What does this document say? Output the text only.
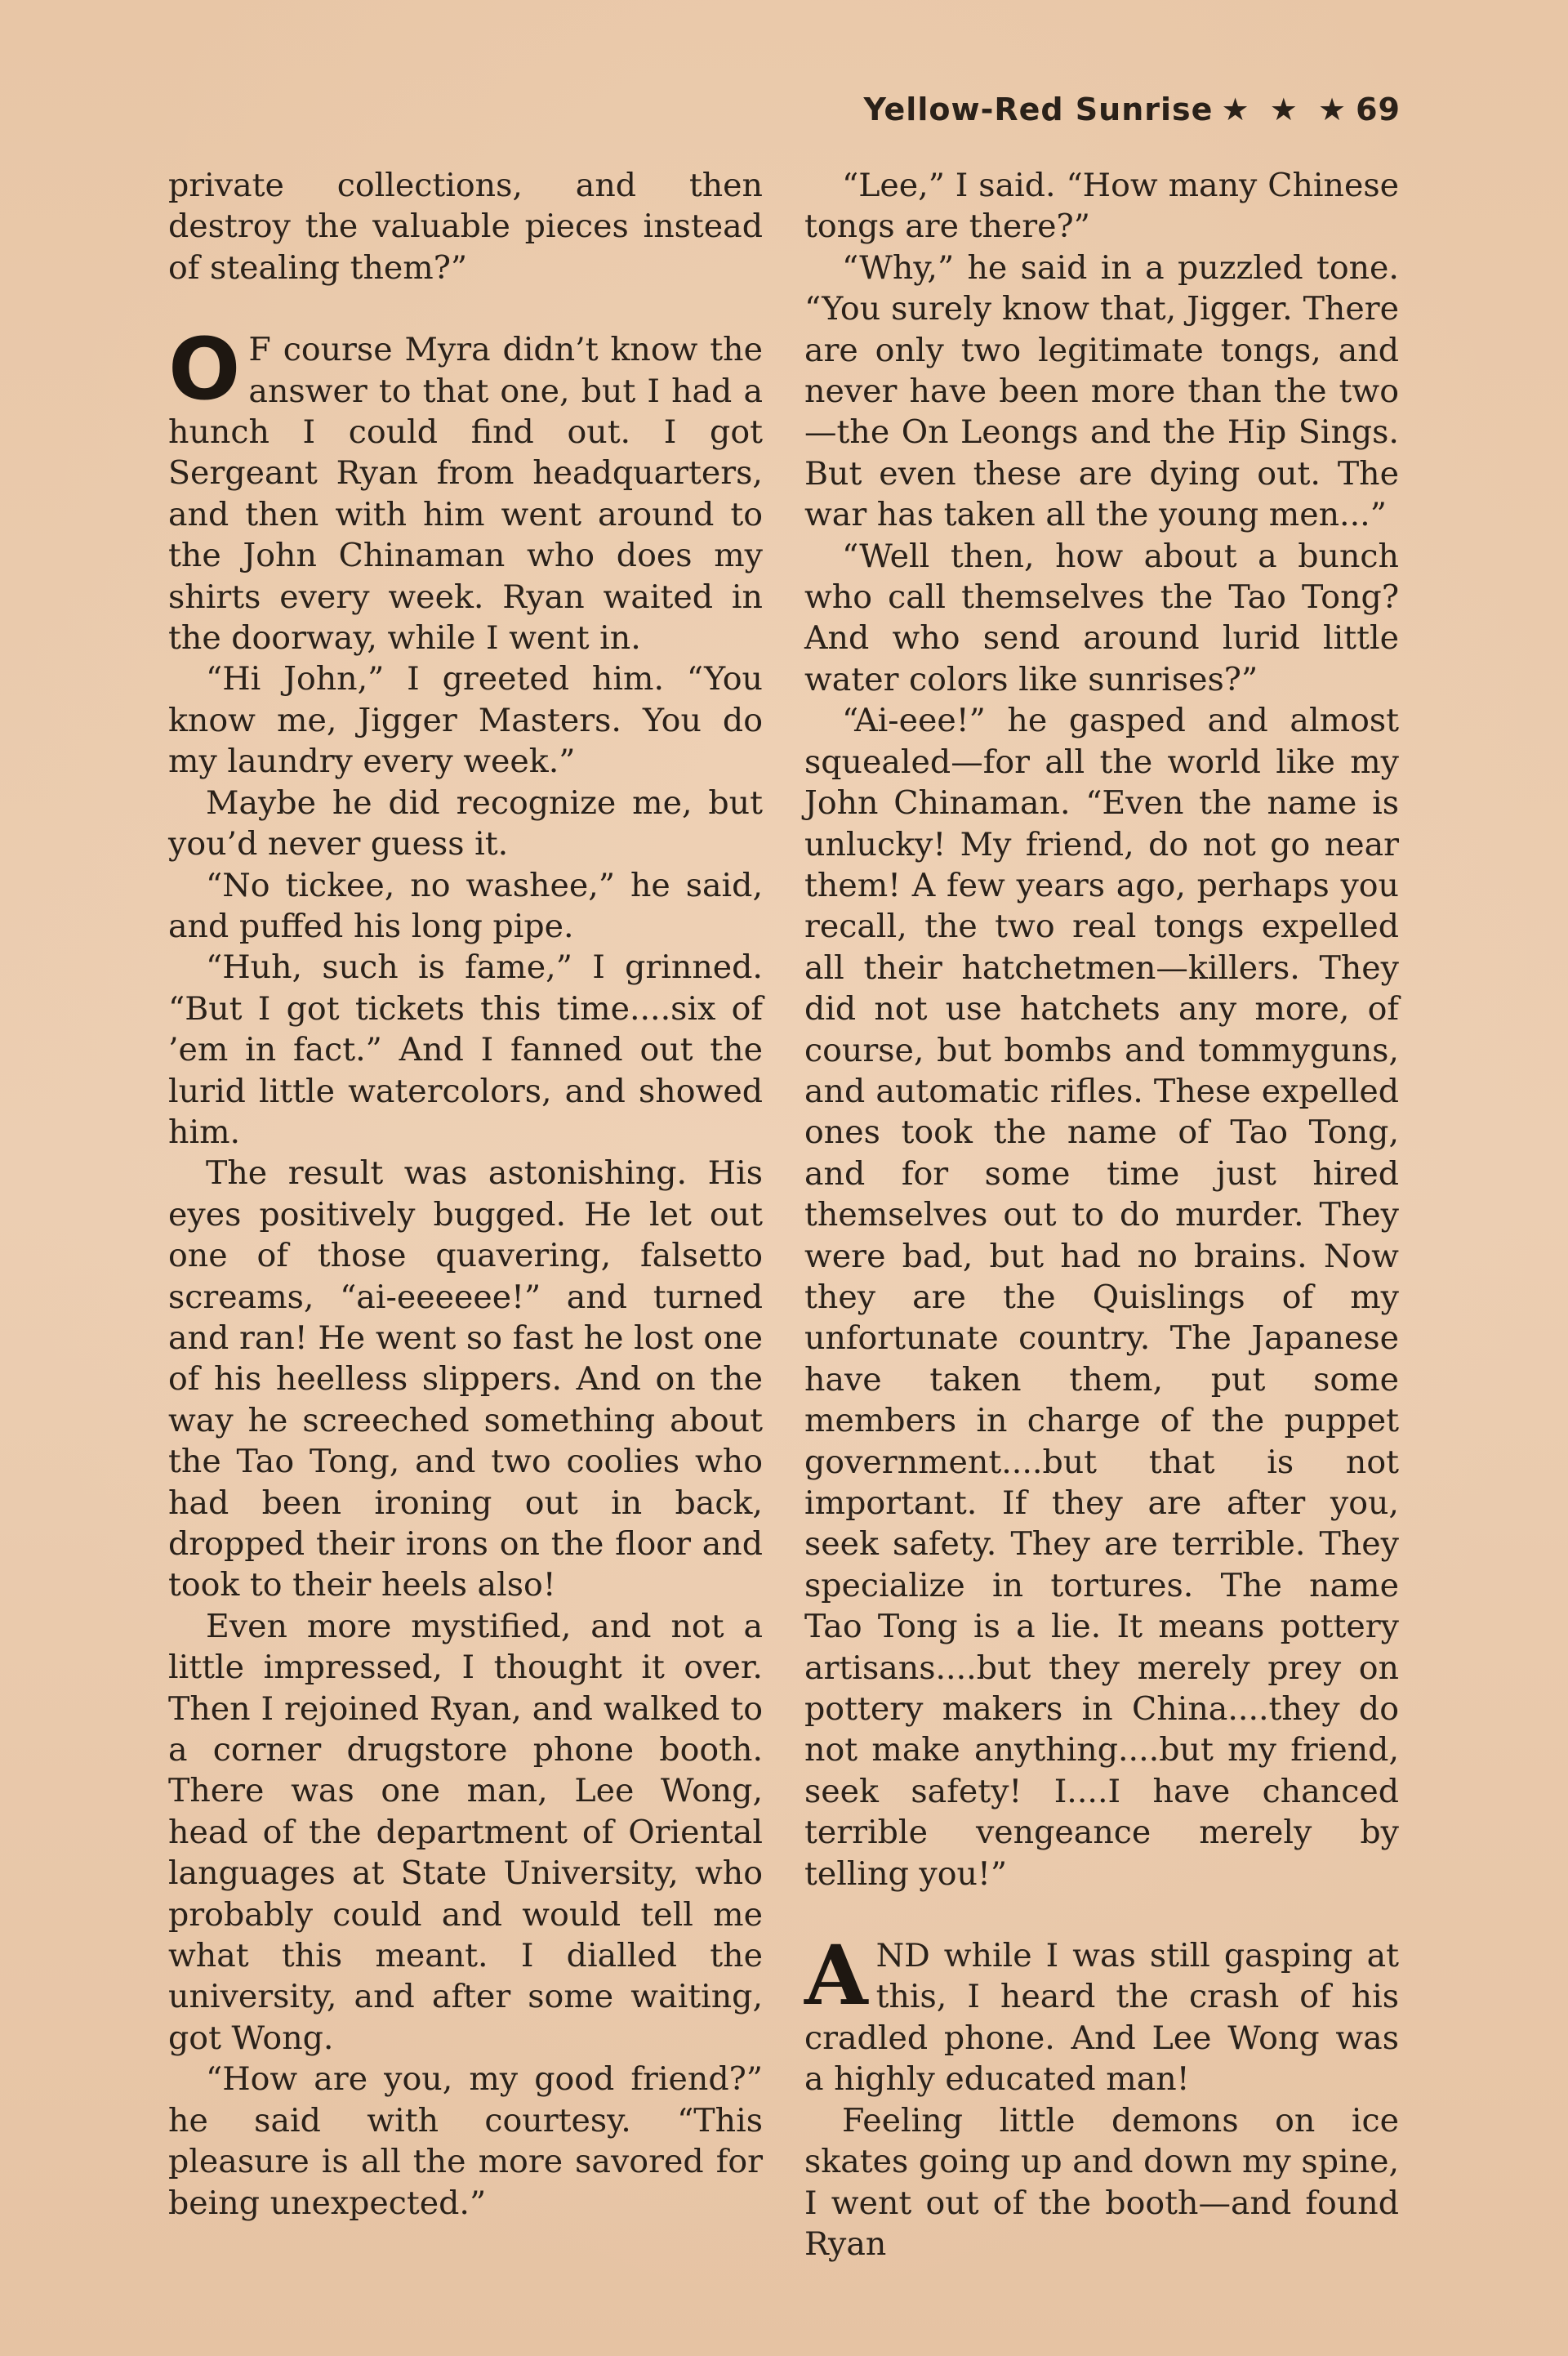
Yellow-Red Sunrise ★ ★ ★ 69

private collections, and then destroy the valuable pieces instead of stealing them?”

O F course Myra didn’t know the answer to that one, but I had a hunch I could find out. I got Sergeant Ryan from headquarters, and then with him went around to the John Chinaman who does my shirts every week. Ryan waited in the doorway, while I went in.

“Hi John,” I greeted him. “You know me, Jigger Masters. You do my laundry every week.”

Maybe he did recognize me, but you’d never guess it.

“No tickee, no washee,” he said, and puffed his long pipe.

“Huh, such is fame,” I grinned. “But I got tickets this time....six of ’em in fact.” And I fanned out the lurid little watercolors, and showed him.

The result was astonishing. His eyes positively bugged. He let out one of those quavering, falsetto screams, “ai-eeeeee!” and turned and ran! He went so fast he lost one of his heelless slippers. And on the way he screeched something about the Tao Tong, and two coolies who had been ironing out in back, dropped their irons on the floor and took to their heels also!

Even more mystified, and not a little impressed, I thought it over. Then I rejoined Ryan, and walked to a corner drugstore phone booth. There was one man, Lee Wong, head of the department of Oriental languages at State University, who probably could and would tell me what this meant. I dialled the university, and after some waiting, got Wong.

“How are you, my good friend?” he said with courtesy. “This pleasure is all the more savored for being unexpected.”

“Lee,” I said. “How many Chinese tongs are there?”

“Why,” he said in a puzzled tone. “You surely know that, Jigger. There are only two legitimate tongs, and never have been more than the two —the On Leongs and the Hip Sings. But even these are dying out. The war has taken all the young men...”

“Well then, how about a bunch who call themselves the Tao Tong? And who send around lurid little water colors like sunrises?”

“Ai-eee!” he gasped and almost squealed—for all the world like my John Chinaman. “Even the name is unlucky! My friend, do not go near them! A few years ago, perhaps you recall, the two real tongs expelled all their hatchetmen—killers. They did not use hatchets any more, of course, but bombs and tommyguns, and automatic rifles. These expelled ones took the name of Tao Tong, and for some time just hired themselves out to do murder. They were bad, but had no brains. Now they are the Quislings of my unfortunate country. The Japanese have taken them, put some members in charge of the puppet government....but that is not important. If they are after you, seek safety. They are terrible. They specialize in tortures. The name Tao Tong is a lie. It means pottery artisans....but they merely prey on pottery makers in China....they do not make anything....but my friend, seek safety! I....I have chanced terrible vengeance merely by telling you!”

AND while I was still gasping at this, I heard the crash of his cradled phone. And Lee Wong was a highly educated man!

Feeling little demons on ice skates going up and down my spine, I went out of the booth—and found Ryan
